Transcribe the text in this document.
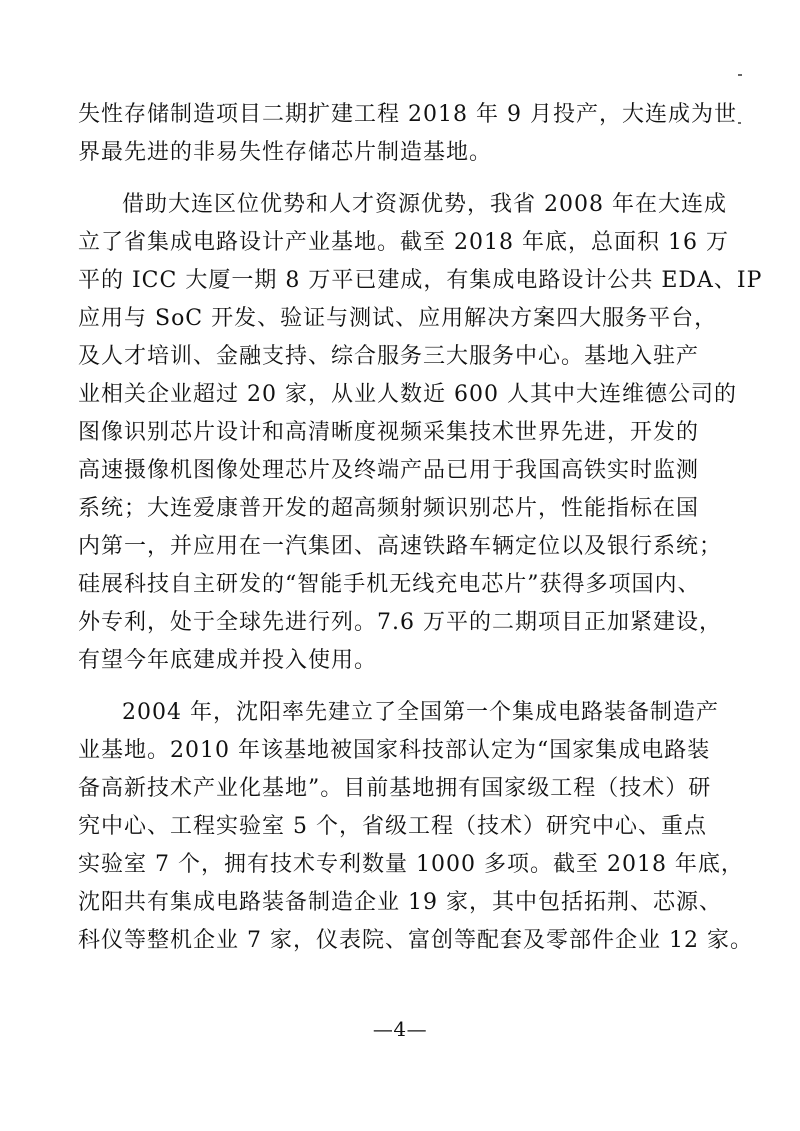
失性存储制造项目二期扩建工程 2018 年 9 月投产，大连成为世
界最先进的非易失性存储芯片制造基地。
借助大连区位优势和人才资源优势，我省 2008 年在大连成
立了省集成电路设计产业基地。截至 2018 年底，总面积 16 万
平的 ICC 大厦一期 8 万平已建成，有集成电路设计公共 EDA、IP
应用与 SoC 开发、验证与测试、应用解决方案四大服务平台，
及人才培训、金融支持、综合服务三大服务中心。基地入驻产
业相关企业超过 20 家，从业人数近 600 人其中大连维德公司的
图像识别芯片设计和高清晰度视频采集技术世界先进，开发的
高速摄像机图像处理芯片及终端产品已用于我国高铁实时监测
系统；大连爱康普开发的超高频射频识别芯片，性能指标在国
内第一，并应用在一汽集团、高速铁路车辆定位以及银行系统；
硅展科技自主研发的“智能手机无线充电芯片”获得多项国内、
外专利，处于全球先进行列。7.6 万平的二期项目正加紧建设，
有望今年底建成并投入使用。
2004 年，沈阳率先建立了全国第一个集成电路装备制造产
业基地。2010 年该基地被国家科技部认定为“国家集成电路装
备高新技术产业化基地”。目前基地拥有国家级工程（技术）研
究中心、工程实验室 5 个，省级工程（技术）研究中心、重点
实验室 7 个，拥有技术专利数量 1000 多项。截至 2018 年底，
沈阳共有集成电路装备制造企业 19 家，其中包括拓荆、芯源、
科仪等整机企业 7 家，仪表院、富创等配套及零部件企业 12 家。
—4—
